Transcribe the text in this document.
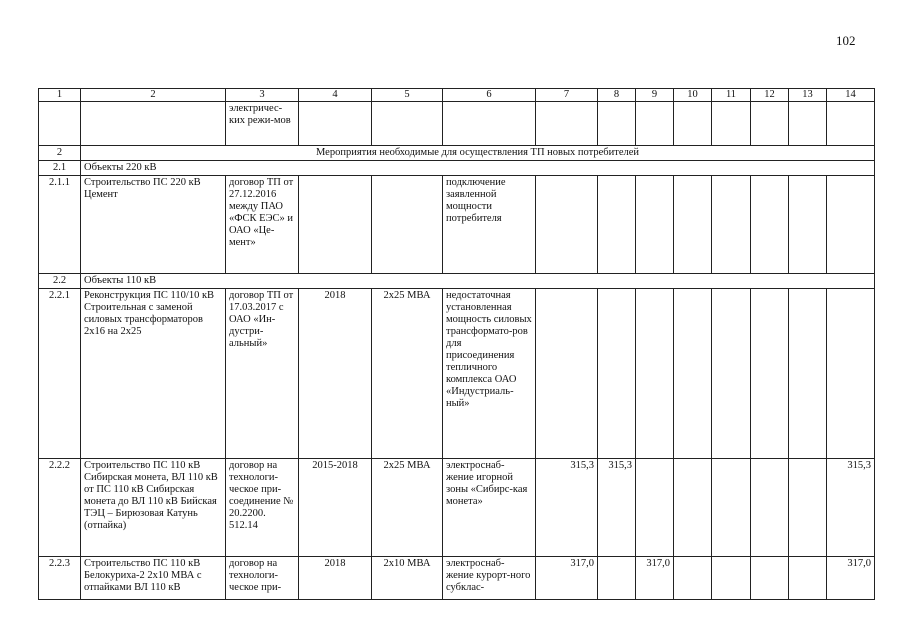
102
1	2	3	4	5	6	7	8	9	10	11	12	13	14
		электричес-ких режи-мов											
2	Мероприятия необходимые для осуществления ТП новых потребителей												
2.1	Объекты 220 кВ												
2.1.1	Строительство ПС 220 кВ Цемент	договор ТП от 27.12.2016 между ПАО «ФСК ЕЭС» и ОАО «Це-мент»			подключение заявленной мощности потребителя								
2.2	Объекты 110 кВ												
2.2.1	Реконструкция ПС 110/10 кВ Строительная с заменой силовых трансформаторов 2х16 на 2х25	договор ТП от 17.03.2017 с ОАО «Ин-дустри-альный»	2018	2х25 МВА	недостаточная установленная мощность силовых трансформато-ров для присоединения тепличного комплекса ОАО «Индустриаль-ный»								
2.2.2	Строительство ПС 110 кВ Сибирская монета, ВЛ 110 кВ от ПС 110 кВ Сибирская монета до ВЛ 110 кВ Бийская ТЭЦ – Бирюзовая Катунь (отпайка)	договор на технологи-ческое при-соединение № 20.2200. 512.14	2015-2018	2х25 МВА	электроснаб-жение игорной зоны «Сибирс-кая монета»	315,3	315,3						315,3
2.2.3	Строительство ПС 110 кВ Белокуриха-2 2х10 МВА с отпайками ВЛ 110 кВ	договор на технологи-ческое при-	2018	2х10 МВА	электроснаб-жение курорт-ного субклас-	317,0		317,0					317,0
